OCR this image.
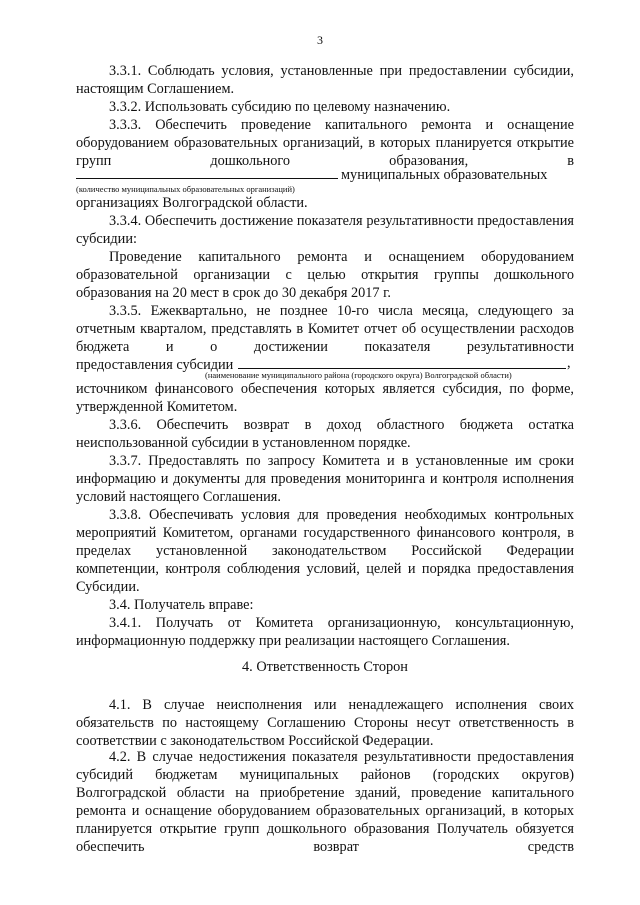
3

3.3.1. Соблюдать условия, установленные при предоставлении субсидии, настоящим Соглашением.

3.3.2. Использовать субсидию по целевому назначению.

3.3.3. Обеспечить проведение капитального ремонта и оснащение оборудованием образовательных организаций, в которых планируется открытие групп дошкольного образования, в

муниципальных образовательных
(количество муниципальных образовательных организаций)
организациях Волгоградской области.

3.3.4. Обеспечить достижение показателя результативности предоставления субсидии:

Проведение капитального ремонта и оснащением оборудованием образовательной организации с целью открытия группы дошкольного образования на 20 мест в срок до 30 декабря 2017 г.

3.3.5. Ежеквартально, не позднее 10-го числа месяца, следующего за отчетным кварталом, представлять в Комитет отчет об осуществлении расходов бюджета и о достижении показателя результативности

предоставления субсидии	,
(наименование муниципального района (городского округа) Волгоградской области)

источником финансового обеспечения которых является субсидия, по форме, утвержденной Комитетом.

3.3.6. Обеспечить возврат в доход областного бюджета остатка неиспользованной субсидии в установленном порядке.

3.3.7. Предоставлять по запросу Комитета и в установленные им сроки информацию и документы для проведения мониторинга и контроля исполнения условий настоящего Соглашения.

3.3.8. Обеспечивать условия для проведения необходимых контрольных мероприятий Комитетом, органами государственного финансового контроля, в пределах установленной законодательством Российской Федерации компетенции, контроля соблюдения условий, целей и порядка предоставления Субсидии.

3.4. Получатель вправе:

3.4.1. Получать от Комитета организационную, консультационную, информационную поддержку при реализации настоящего Соглашения.

4. Ответственность Сторон

4.1. В случае неисполнения или ненадлежащего исполнения своих обязательств по настоящему Соглашению Стороны несут ответственность в соответствии с законодательством Российской Федерации.

4.2. В случае недостижения показателя результативности предоставления субсидий бюджетам муниципальных районов (городских округов) Волгоградской области на приобретение зданий, проведение капитального ремонта и оснащение оборудованием образовательных организаций, в которых планируется открытие групп дошкольного образования Получатель обязуется обеспечить возврат средств
